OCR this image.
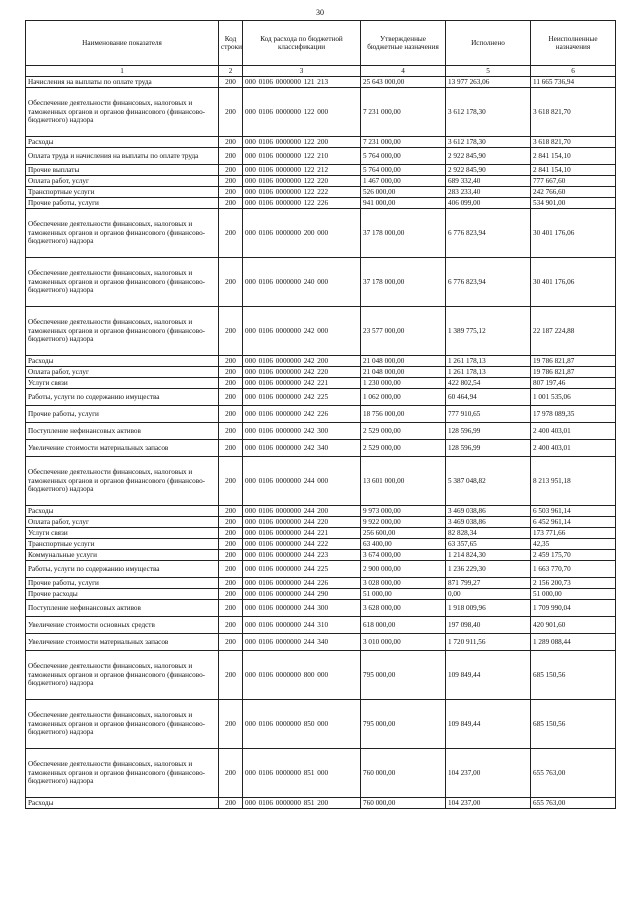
30
Наименование показателя	Код строки	Код расхода по бюджетной классификации	Утвержденные бюджетные назначения	Исполнено	Неисполненные назначения
1	2	3	4	5	6
Начисления на выплаты по оплате труда	200	000 0106 0000000 121 213	25 643 000,00	13 977 263,06	11 665 736,94
Обеспечение деятельности финансовых, налоговых и таможенных органов и органов финансового (финансово-бюджетного) надзора	200	000 0106 0000000 122 000	7 231 000,00	3 612 178,30	3 618 821,70
Расходы	200	000 0106 0000000 122 200	7 231 000,00	3 612 178,30	3 618 821,70
Оплата труда и начисления на выплаты по оплате труда	200	000 0106 0000000 122 210	5 764 000,00	2 922 845,90	2 841 154,10
Прочие выплаты	200	000 0106 0000000 122 212	5 764 000,00	2 922 845,90	2 841 154,10
Оплата работ, услуг	200	000 0106 0000000 122 220	1 467 000,00	689 332,40	777 667,60
Транспортные услуги	200	000 0106 0000000 122 222	526 000,00	283 233,40	242 766,60
Прочие работы, услуги	200	000 0106 0000000 122 226	941 000,00	406 099,00	534 901,00
Обеспечение деятельности финансовых, налоговых и таможенных органов и органов финансового (финансово-бюджетного) надзора	200	000 0106 0000000 200 000	37 178 000,00	6 776 823,94	30 401 176,06
Обеспечение деятельности финансовых, налоговых и таможенных органов и органов финансового (финансово-бюджетного) надзора	200	000 0106 0000000 240 000	37 178 000,00	6 776 823,94	30 401 176,06
Обеспечение деятельности финансовых, налоговых и таможенных органов и органов финансового (финансово-бюджетного) надзора	200	000 0106 0000000 242 000	23 577 000,00	1 389 775,12	22 187 224,88
Расходы	200	000 0106 0000000 242 200	21 048 000,00	1 261 178,13	19 786 821,87
Оплата работ, услуг	200	000 0106 0000000 242 220	21 048 000,00	1 261 178,13	19 786 821,87
Услуги связи	200	000 0106 0000000 242 221	1 230 000,00	422 802,54	807 197,46
Работы, услуги по содержанию имущества	200	000 0106 0000000 242 225	1 062 000,00	60 464,94	1 001 535,06
Прочие работы, услуги	200	000 0106 0000000 242 226	18 756 000,00	777 910,65	17 978 089,35
Поступление нефинансовых активов	200	000 0106 0000000 242 300	2 529 000,00	128 596,99	2 400 403,01
Увеличение стоимости материальных запасов	200	000 0106 0000000 242 340	2 529 000,00	128 596,99	2 400 403,01
Обеспечение деятельности финансовых, налоговых и таможенных органов и органов финансового (финансово-бюджетного) надзора	200	000 0106 0000000 244 000	13 601 000,00	5 387 048,82	8 213 951,18
Расходы	200	000 0106 0000000 244 200	9 973 000,00	3 469 038,86	6 503 961,14
Оплата работ, услуг	200	000 0106 0000000 244 220	9 922 000,00	3 469 038,86	6 452 961,14
Услуги связи	200	000 0106 0000000 244 221	256 600,00	82 828,34	173 771,66
Транспортные услуги	200	000 0106 0000000 244 222	63 400,00	63 357,65	42,35
Коммунальные услуги	200	000 0106 0000000 244 223	3 674 000,00	1 214 824,30	2 459 175,70
Работы, услуги по содержанию имущества	200	000 0106 0000000 244 225	2 900 000,00	1 236 229,30	1 663 770,70
Прочие работы, услуги	200	000 0106 0000000 244 226	3 028 000,00	871 799,27	2 156 200,73
Прочие расходы	200	000 0106 0000000 244 290	51 000,00	0,00	51 000,00
Поступление нефинансовых активов	200	000 0106 0000000 244 300	3 628 000,00	1 918 009,96	1 709 990,04
Увеличение стоимости основных средств	200	000 0106 0000000 244 310	618 000,00	197 098,40	420 901,60
Увеличение стоимости материальных запасов	200	000 0106 0000000 244 340	3 010 000,00	1 720 911,56	1 289 088,44
Обеспечение деятельности финансовых, налоговых и таможенных органов и органов финансового (финансово-бюджетного) надзора	200	000 0106 0000000 800 000	795 000,00	109 849,44	685 150,56
Обеспечение деятельности финансовых, налоговых и таможенных органов и органов финансового (финансово-бюджетного) надзора	200	000 0106 0000000 850 000	795 000,00	109 849,44	685 150,56
Обеспечение деятельности финансовых, налоговых и таможенных органов и органов финансового (финансово-бюджетного) надзора	200	000 0106 0000000 851 000	760 000,00	104 237,00	655 763,00
Расходы	200	000 0106 0000000 851 200	760 000,00	104 237,00	655 763,00
